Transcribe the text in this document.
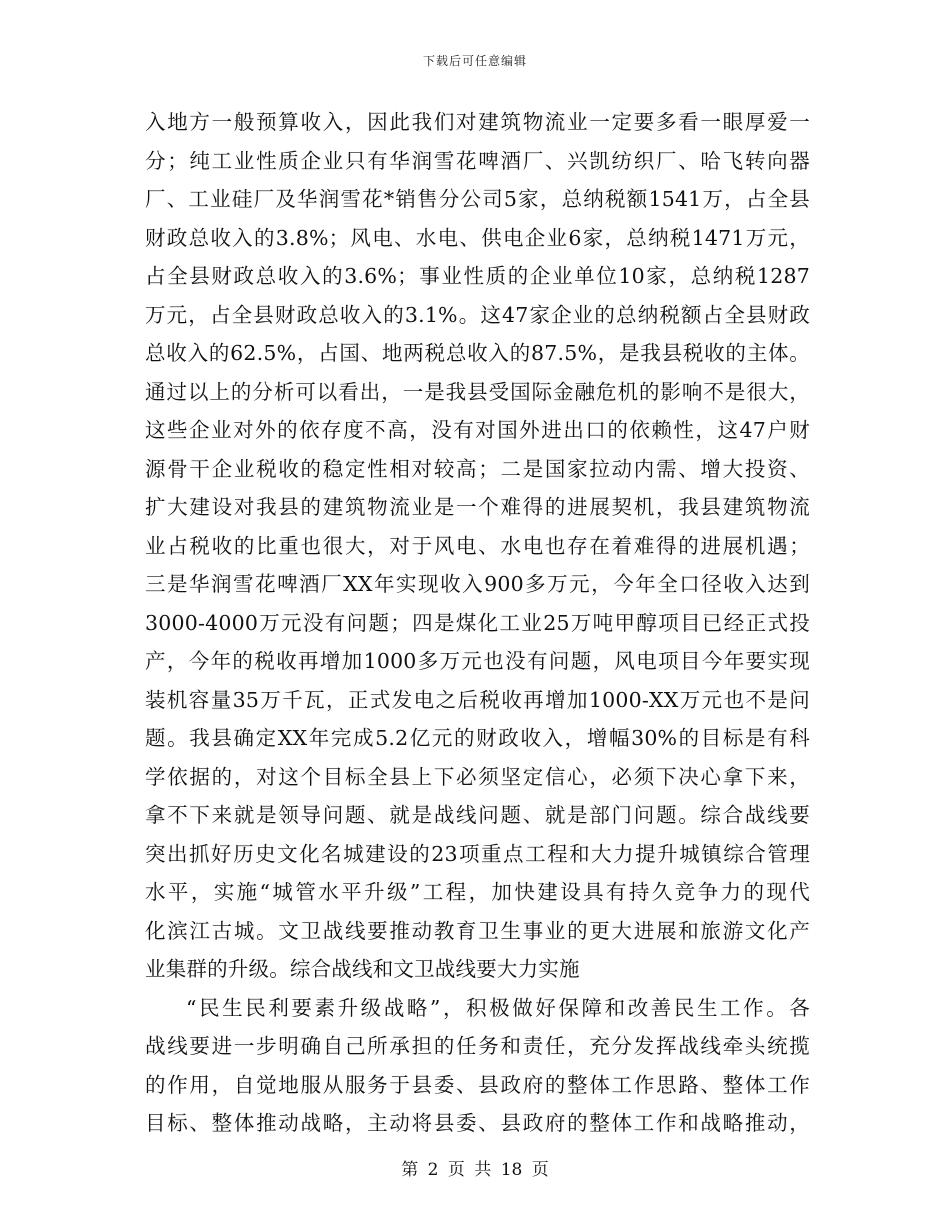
下载后可任意编辑
入地方一般预算收入，因此我们对建筑物流业一定要多看一眼厚爱一
分；纯工业性质企业只有华润雪花啤酒厂、兴凯纺织厂、哈飞转向器
厂、工业硅厂及华润雪花*销售分公司5家，总纳税额1541万，占全县
财政总收入的3.8%；风电、水电、供电企业6家，总纳税1471万元，
占全县财政总收入的3.6%；事业性质的企业单位10家，总纳税1287
万元，占全县财政总收入的3.1%。这47家企业的总纳税额占全县财政
总收入的62.5%，占国、地两税总收入的87.5%，是我县税收的主体。
通过以上的分析可以看出，一是我县受国际金融危机的影响不是很大，
这些企业对外的依存度不高，没有对国外进出口的依赖性，这47户财
源骨干企业税收的稳定性相对较高；二是国家拉动内需、增大投资、
扩大建设对我县的建筑物流业是一个难得的进展契机，我县建筑物流
业占税收的比重也很大，对于风电、水电也存在着难得的进展机遇；
三是华润雪花啤酒厂XX年实现收入900多万元，今年全口径收入达到
3000-4000万元没有问题；四是煤化工业25万吨甲醇项目已经正式投
产，今年的税收再增加1000多万元也没有问题，风电项目今年要实现
装机容量35万千瓦，正式发电之后税收再增加1000-XX万元也不是问
题。我县确定XX年完成5.2亿元的财政收入，增幅30%的目标是有科
学依据的，对这个目标全县上下必须坚定信心，必须下决心拿下来，
拿不下来就是领导问题、就是战线问题、就是部门问题。综合战线要
突出抓好历史文化名城建设的23项重点工程和大力提升城镇综合管理
水平，实施“城管水平升级”工程，加快建设具有持久竞争力的现代
化滨江古城。文卫战线要推动教育卫生事业的更大进展和旅游文化产
业集群的升级。综合战线和文卫战线要大力实施
“民生民利要素升级战略”，积极做好保障和改善民生工作。各
战线要进一步明确自己所承担的任务和责任，充分发挥战线牵头统揽
的作用，自觉地服从服务于县委、县政府的整体工作思路、整体工作
目标、整体推动战略，主动将县委、县政府的整体工作和战略推动，
第 2 页 共 18 页
